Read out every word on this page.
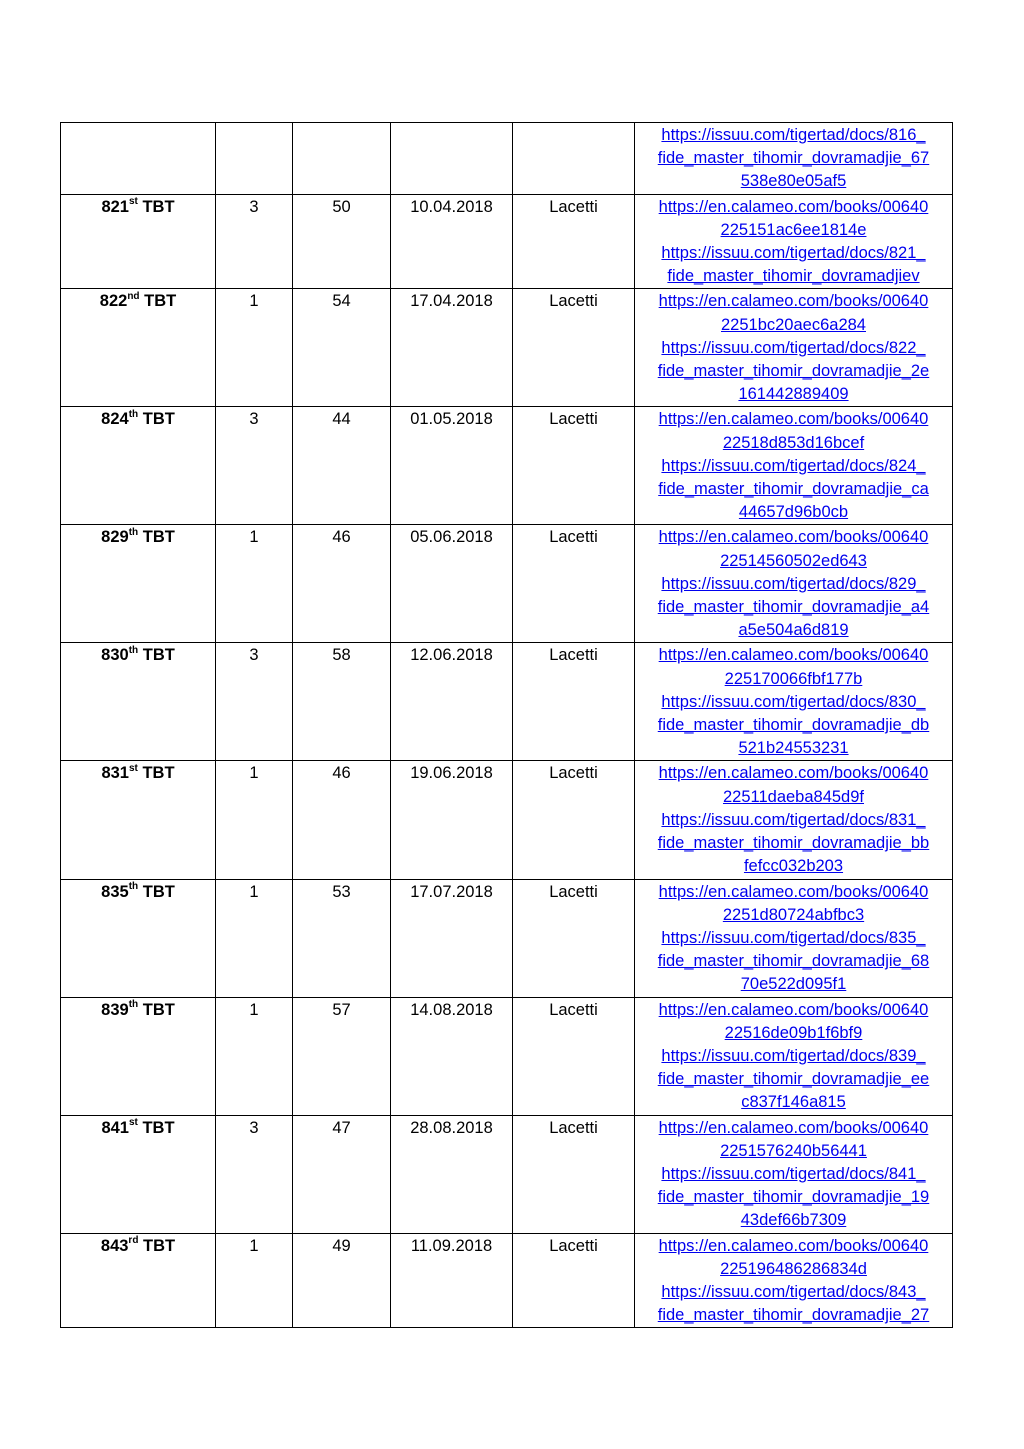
					https://issuu.com/tigertad/docs/816_
fide_master_tihomir_dovramadjie_67
538e80e05af5

821st TBT	3	50	10.04.2018	Lacetti	https://en.calameo.com/books/00640
225151ac6ee1814e
https://issuu.com/tigertad/docs/821_
fide_master_tihomir_dovramadjiev

822nd TBT	1	54	17.04.2018	Lacetti	https://en.calameo.com/books/00640
2251bc20aec6a284
https://issuu.com/tigertad/docs/822_
fide_master_tihomir_dovramadjie_2e
161442889409

824th TBT	3	44	01.05.2018	Lacetti	https://en.calameo.com/books/00640
22518d853d16bcef
https://issuu.com/tigertad/docs/824_
fide_master_tihomir_dovramadjie_ca
44657d96b0cb

829th TBT	1	46	05.06.2018	Lacetti	https://en.calameo.com/books/00640
22514560502ed643
https://issuu.com/tigertad/docs/829_
fide_master_tihomir_dovramadjie_a4
a5e504a6d819

830th TBT	3	58	12.06.2018	Lacetti	https://en.calameo.com/books/00640
225170066fbf177b
https://issuu.com/tigertad/docs/830_
fide_master_tihomir_dovramadjie_db
521b24553231

831st TBT	1	46	19.06.2018	Lacetti	https://en.calameo.com/books/00640
22511daeba845d9f
https://issuu.com/tigertad/docs/831_
fide_master_tihomir_dovramadjie_bb
fefcc032b203

835th TBT	1	53	17.07.2018	Lacetti	https://en.calameo.com/books/00640
2251d80724abfbc3
https://issuu.com/tigertad/docs/835_
fide_master_tihomir_dovramadjie_68
70e522d095f1

839th TBT	1	57	14.08.2018	Lacetti	https://en.calameo.com/books/00640
22516de09b1f6bf9
https://issuu.com/tigertad/docs/839_
fide_master_tihomir_dovramadjie_ee
c837f146a815

841st TBT	3	47	28.08.2018	Lacetti	https://en.calameo.com/books/00640
2251576240b56441
https://issuu.com/tigertad/docs/841_
fide_master_tihomir_dovramadjie_19
43def66b7309

843rd TBT	1	49	11.09.2018	Lacetti	https://en.calameo.com/books/00640
225196486286834d
https://issuu.com/tigertad/docs/843_
fide_master_tihomir_dovramadjie_27
